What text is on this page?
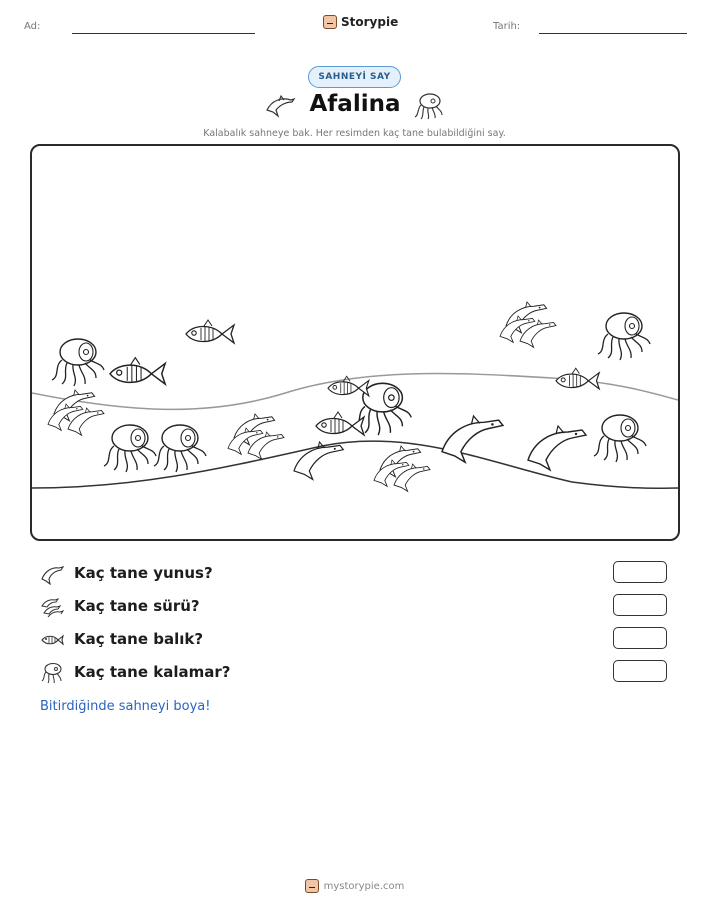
Ad:	Storypie	Tarih:
SAHNEYİ SAY
Afalina
Kalabalık sahneye bak. Her resimden kaç tane bulabildiğini say.
Kaç tane yunus?
Kaç tane sürü?
Kaç tane balık?
Kaç tane kalamar?
Bitirdiğinde sahneyi boya!
mystorypie.com
